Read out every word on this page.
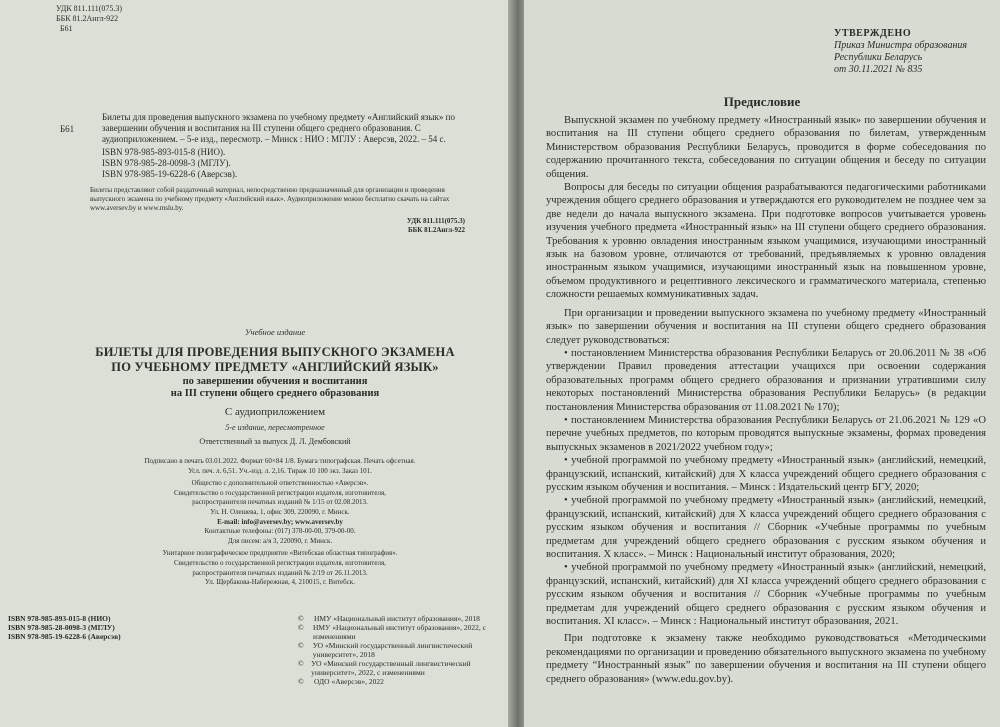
УДК 811.111(075.3)
ББК 81.2Англ-922
Б61
Б61
Билеты для проведения выпускного экзамена по учебному предмету «Английский язык» по завершении обучения и воспитания на III ступени общего среднего образования. С аудиоприложением. – 5-е изд., пересмотр. – Минск : НИО : МГЛУ : Аверсэв, 2022. – 54 с.
ISBN 978-985-893-015-8 (НИО).
ISBN 978-985-28-0098-3 (МГЛУ).
ISBN 978-985-19-6228-6 (Аверсэв).
Билеты представляют собой раздаточный материал, непосредственно предназначенный для организации и проведения выпускного экзамена по учебному предмету «Английский язык». Аудиоприложение можно бесплатно скачать на сайтах www.aversev.by и www.mslu.by.
УДК 811.111(075.3)
ББК 81.2Англ-922
Учебное издание
БИЛЕТЫ ДЛЯ ПРОВЕДЕНИЯ ВЫПУСКНОГО ЭКЗАМЕНА
ПО УЧЕБНОМУ ПРЕДМЕТУ «АНГЛИЙСКИЙ ЯЗЫК»
по завершении обучения и воспитания
на III ступени общего среднего образования
С аудиоприложением
5-е издание, пересмотренное
Ответственный за выпуск Д. Л. Дембовский
Подписано в печать 03.01.2022. Формат 60×84 1/8. Бумага типографская. Печать офсетная.
Усл. печ. л. 6,51. Уч.-изд. л. 2,16. Тираж 10 100 экз. Заказ 101.
Общество с дополнительной ответственностью «Аверсэв».
Свидетельство о государственной регистрации издателя, изготовителя,
распространителя печатных изданий № 1/15 от 02.08.2013.
Ул. Н. Олешева, 1, офис 309, 220090, г. Минск.
E-mail: info@aversev.by; www.aversev.by
Контактные телефоны: (017) 378-00-00, 379-00-00.
Для писем: а/я 3, 220090, г. Минск.
Унитарное полиграфическое предприятие «Витебская областная типография».
Свидетельство о государственной регистрации издателя, изготовителя,
распространителя печатных изданий № 2/19 от 26.11.2013.
Ул. Щербакова-Набережная, 4, 210015, г. Витебск.
ISBN 978-985-893-015-8 (НИО)
ISBN 978-985-28-0098-3 (МГЛУ)
ISBN 978-985-19-6228-6 (Аверсэв)
©	НМУ «Национальный институт образования», 2018
©	НМУ «Национальный институт образования», 2022, с изменениями
©	УО «Минский государственный лингвистический университет», 2018
© УО «Минский государственный лингвистический университет», 2022, с изменениями
©	ОДО «Аверсэв», 2022
УТВЕРЖДЕНО
Приказ Министра образования
Республики Беларусь
от 30.11.2021 № 835
Предисловие

Выпускной экзамен по учебному предмету «Иностранный язык» по завершении обучения и воспитания на III ступени общего среднего образования по билетам, утвержденным Министерством образования Республики Беларусь, проводится в форме собеседования по содержанию прочитанного текста, собеседования по ситуации общения и беседу по ситуации общения.

Вопросы для беседы по ситуации общения разрабатываются педагогическими работниками учреждения общего среднего образования и утверждаются его руководителем не позднее чем за две недели до начала выпускного экзамена. При подготовке вопросов учитывается уровень изучения учебного предмета «Иностранный язык» на III ступени общего среднего образования. Требования к уровню овладения иностранным языком учащимися, изучающими иностранный язык на базовом уровне, отличаются от требований, предъявляемых к уровню овладения иностранным языком учащимися, изучающими иностранный язык на повышенном уровне, объемом продуктивного и рецептивного лексического и грамматического материала, степенью сложности решаемых коммуникативных задач.

При организации и проведении выпускного экзамена по учебному предмету «Иностранный язык» по завершении обучения и воспитания на III ступени общего среднего образования следует руководствоваться:

• постановлением Министерства образования Республики Беларусь от 20.06.2011 № 38 «Об утверждении Правил проведения аттестации учащихся при освоении содержания образовательных программ общего среднего образования и признании утратившими силу некоторых постановлений Министерства образования Республики Беларусь» (в редакции постановления Министерства образования от 11.08.2021 № 170);

• постановлением Министерства образования Республики Беларусь от 21.06.2021 № 129 «О перечне учебных предметов, по которым проводятся выпускные экзамены, формах проведения выпускных экзаменов в 2021/2022 учебном году»;

• учебной программой по учебному предмету «Иностранный язык» (английский, немецкий, французский, испанский, китайский) для X класса учреждений общего среднего образования с русским языком обучения и воспитания. – Минск : Издательский центр БГУ, 2020;

• учебной программой по учебному предмету «Иностранный язык» (английский, немецкий, французский, испанский, китайский) для X класса учреждений общего среднего образования с русским языком обучения и воспитания // Сборник «Учебные программы по учебным предметам для учреждений общего среднего образования с русским языком обучения и воспитания. X класс». – Минск : Национальный институт образования, 2020;

• учебной программой по учебному предмету «Иностранный язык» (английский, немецкий, французский, испанский, китайский) для XI класса учреждений общего среднего образования с русским языком обучения и воспитания // Сборник «Учебные программы по учебным предметам для учреждений общего среднего образования с русским языком обучения и воспитания. XI класс». – Минск : Национальный институт образования, 2021.

При подготовке к экзамену также необходимо руководствоваться «Методическими рекомендациями по организации и проведению обязательного выпускного экзамена по учебному предмету “Иностранный язык” по завершении обучения и воспитания на III ступени общего среднего образования» (www.edu.gov.by).
